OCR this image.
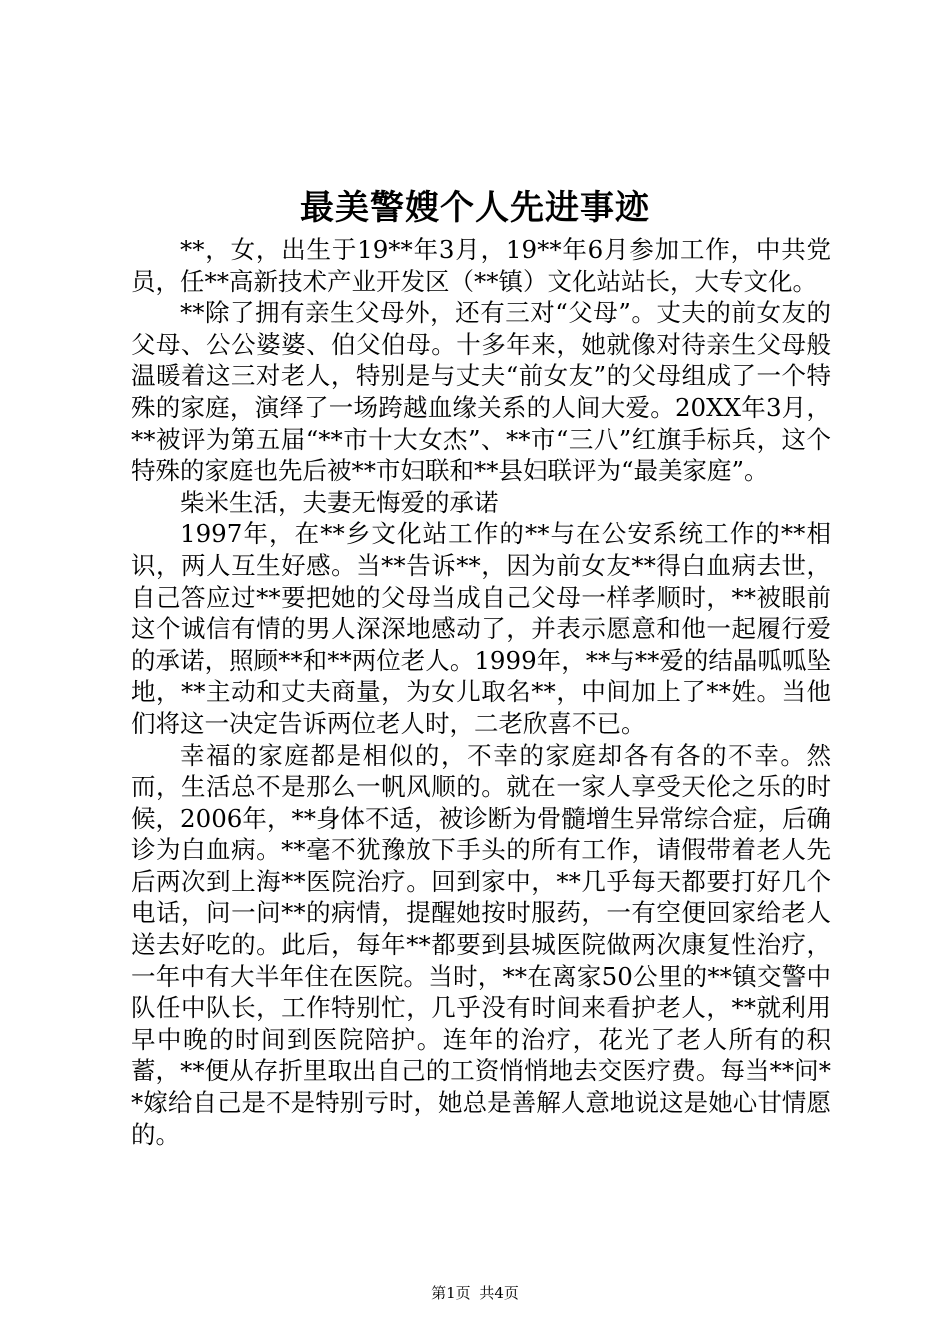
最美警嫂个人先进事迹

**，女，出生于19**年3月，19**年6月参加工作，中共党员，任**高新技术产业开发区（**镇）文化站站长，大专文化。

**除了拥有亲生父母外，还有三对“父母”。丈夫的前女友的父母、公公婆婆、伯父伯母。十多年来，她就像对待亲生父母般温暖着这三对老人，特别是与丈夫“前女友”的父母组成了一个特殊的家庭，演绎了一场跨越血缘关系的人间大爱。20XX年3月，**被评为第五届“**市十大女杰”、**市“三八”红旗手标兵，这个特殊的家庭也先后被**市妇联和**县妇联评为“最美家庭”。

柴米生活，夫妻无悔爱的承诺

1997年，在**乡文化站工作的**与在公安系统工作的**相识，两人互生好感。当**告诉**，因为前女友**得白血病去世，自己答应过**要把她的父母当成自己父母一样孝顺时，**被眼前这个诚信有情的男人深深地感动了，并表示愿意和他一起履行爱的承诺，照顾**和**两位老人。1999年，**与**爱的结晶呱呱坠地，**主动和丈夫商量，为女儿取名**，中间加上了**姓。当他们将这一决定告诉两位老人时，二老欣喜不已。

幸福的家庭都是相似的，不幸的家庭却各有各的不幸。然而，生活总不是那么一帆风顺的。就在一家人享受天伦之乐的时候，2006年，**身体不适，被诊断为骨髓增生异常综合症，后确诊为白血病。**毫不犹豫放下手头的所有工作，请假带着老人先后两次到上海**医院治疗。回到家中，**几乎每天都要打好几个电话，问一问**的病情，提醒她按时服药，一有空便回家给老人送去好吃的。此后，每年**都要到县城医院做两次康复性治疗，一年中有大半年住在医院。当时，**在离家50公里的**镇交警中队任中队长，工作特别忙，几乎没有时间来看护老人，**就利用早中晚的时间到医院陪护。连年的治疗，花光了老人所有的积蓄，**便从存折里取出自己的工资悄悄地去交医疗费。每当**问**嫁给自己是不是特别亏时，她总是善解人意地说这是她心甘情愿的。

第1页 共4页
